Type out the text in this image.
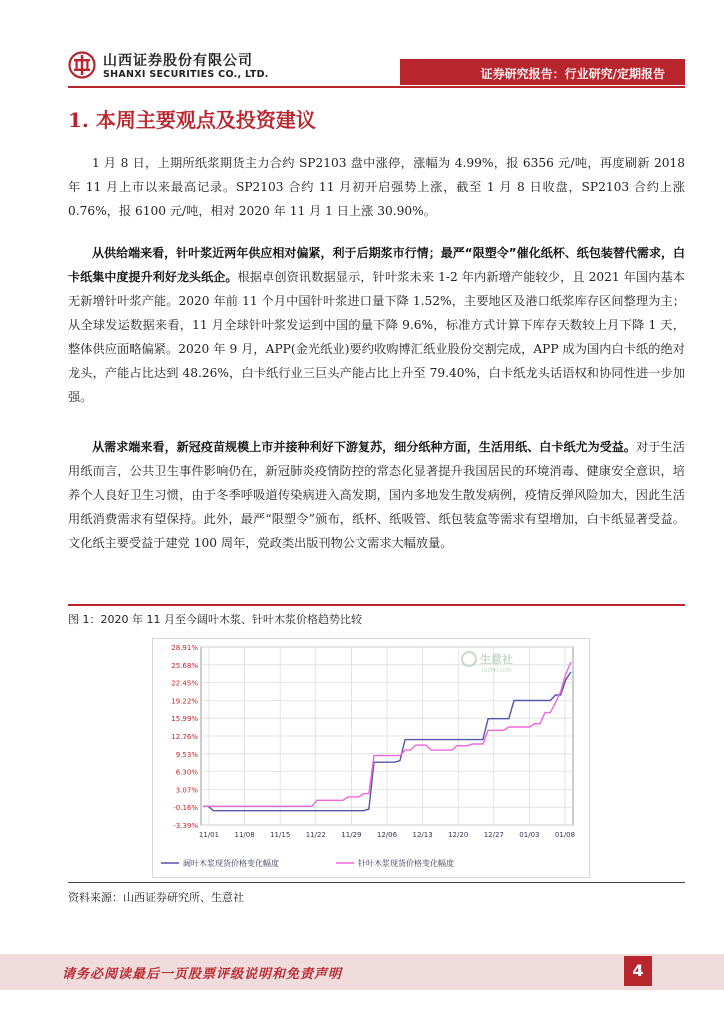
山西证券股份有限公司
SHANXI SECURITIES CO., LTD.	证券研究报告：行业研究/定期报告
1. 本周主要观点及投资建议
1 月 8 日，上期所纸浆期货主力合约 SP2103 盘中涨停，涨幅为 4.99%，报 6356 元/吨，再度刷新 2018 年 11 月上市以来最高记录。SP2103 合约 11 月初开启强势上涨，截至 1 月 8 日收盘，SP2103 合约上涨 0.76%，报 6100 元/吨，相对 2020 年 11 月 1 日上涨 30.90%。
从供给端来看，针叶浆近两年供应相对偏紧，利于后期浆市行情；最严“限塑令”催化纸杯、纸包装替代需求，白卡纸集中度提升利好龙头纸企。根据卓创资讯数据显示，针叶浆未来 1-2 年内新增产能较少，且 2021 年国内基本无新增针叶浆产能。2020 年前 11 个月中国针叶浆进口量下降 1.52%，主要地区及港口纸浆库存区间整理为主；从全球发运数据来看，11 月全球针叶浆发运到中国的量下降 9.6%，标准方式计算下库存天数较上月下降 1 天，整体供应面略偏紧。2020 年 9 月，APP(金光纸业)要约收购博汇纸业股份交割完成，APP 成为国内白卡纸的绝对龙头，产能占比达到 48.26%，白卡纸行业三巨头产能占比上升至 79.40%，白卡纸龙头话语权和协同性进一步加强。
从需求端来看，新冠疫苗规模上市并接种利好下游复苏，细分纸种方面，生活用纸、白卡纸尤为受益。对于生活用纸而言，公共卫生事件影响仍在，新冠肺炎疫情防控的常态化显著提升我国居民的环境消毒、健康安全意识，培养个人良好卫生习惯，由于冬季呼吸道传染病进入高发期，国内多地发生散发病例，疫情反弹风险加大，因此生活用纸消费需求有望保持。此外，最严“限塑令”颁布，纸杯、纸吸管、纸包装盒等需求有望增加，白卡纸显著受益。文化纸主要受益于建党 100 周年，党政类出版刊物公文需求大幅放量。
图 1：2020 年 11 月至今阔叶木浆、针叶木浆价格趋势比较
28.91%
25.68%
22.45%
19.22%
15.99%
12.76%
9.53%
6.30%
3.07%
-0.16%
-3.39%
11/01 11/08 11/15 11/22 11/29 12/06 12/13 12/20 12/27 01/03 01/08
阔叶木浆现货价格变化幅度	针叶木浆现货价格变化幅度
生意社
100PPI.COM
资料来源：山西证券研究所、生意社
请务必阅读最后一页股票评级说明和免责声明	4
